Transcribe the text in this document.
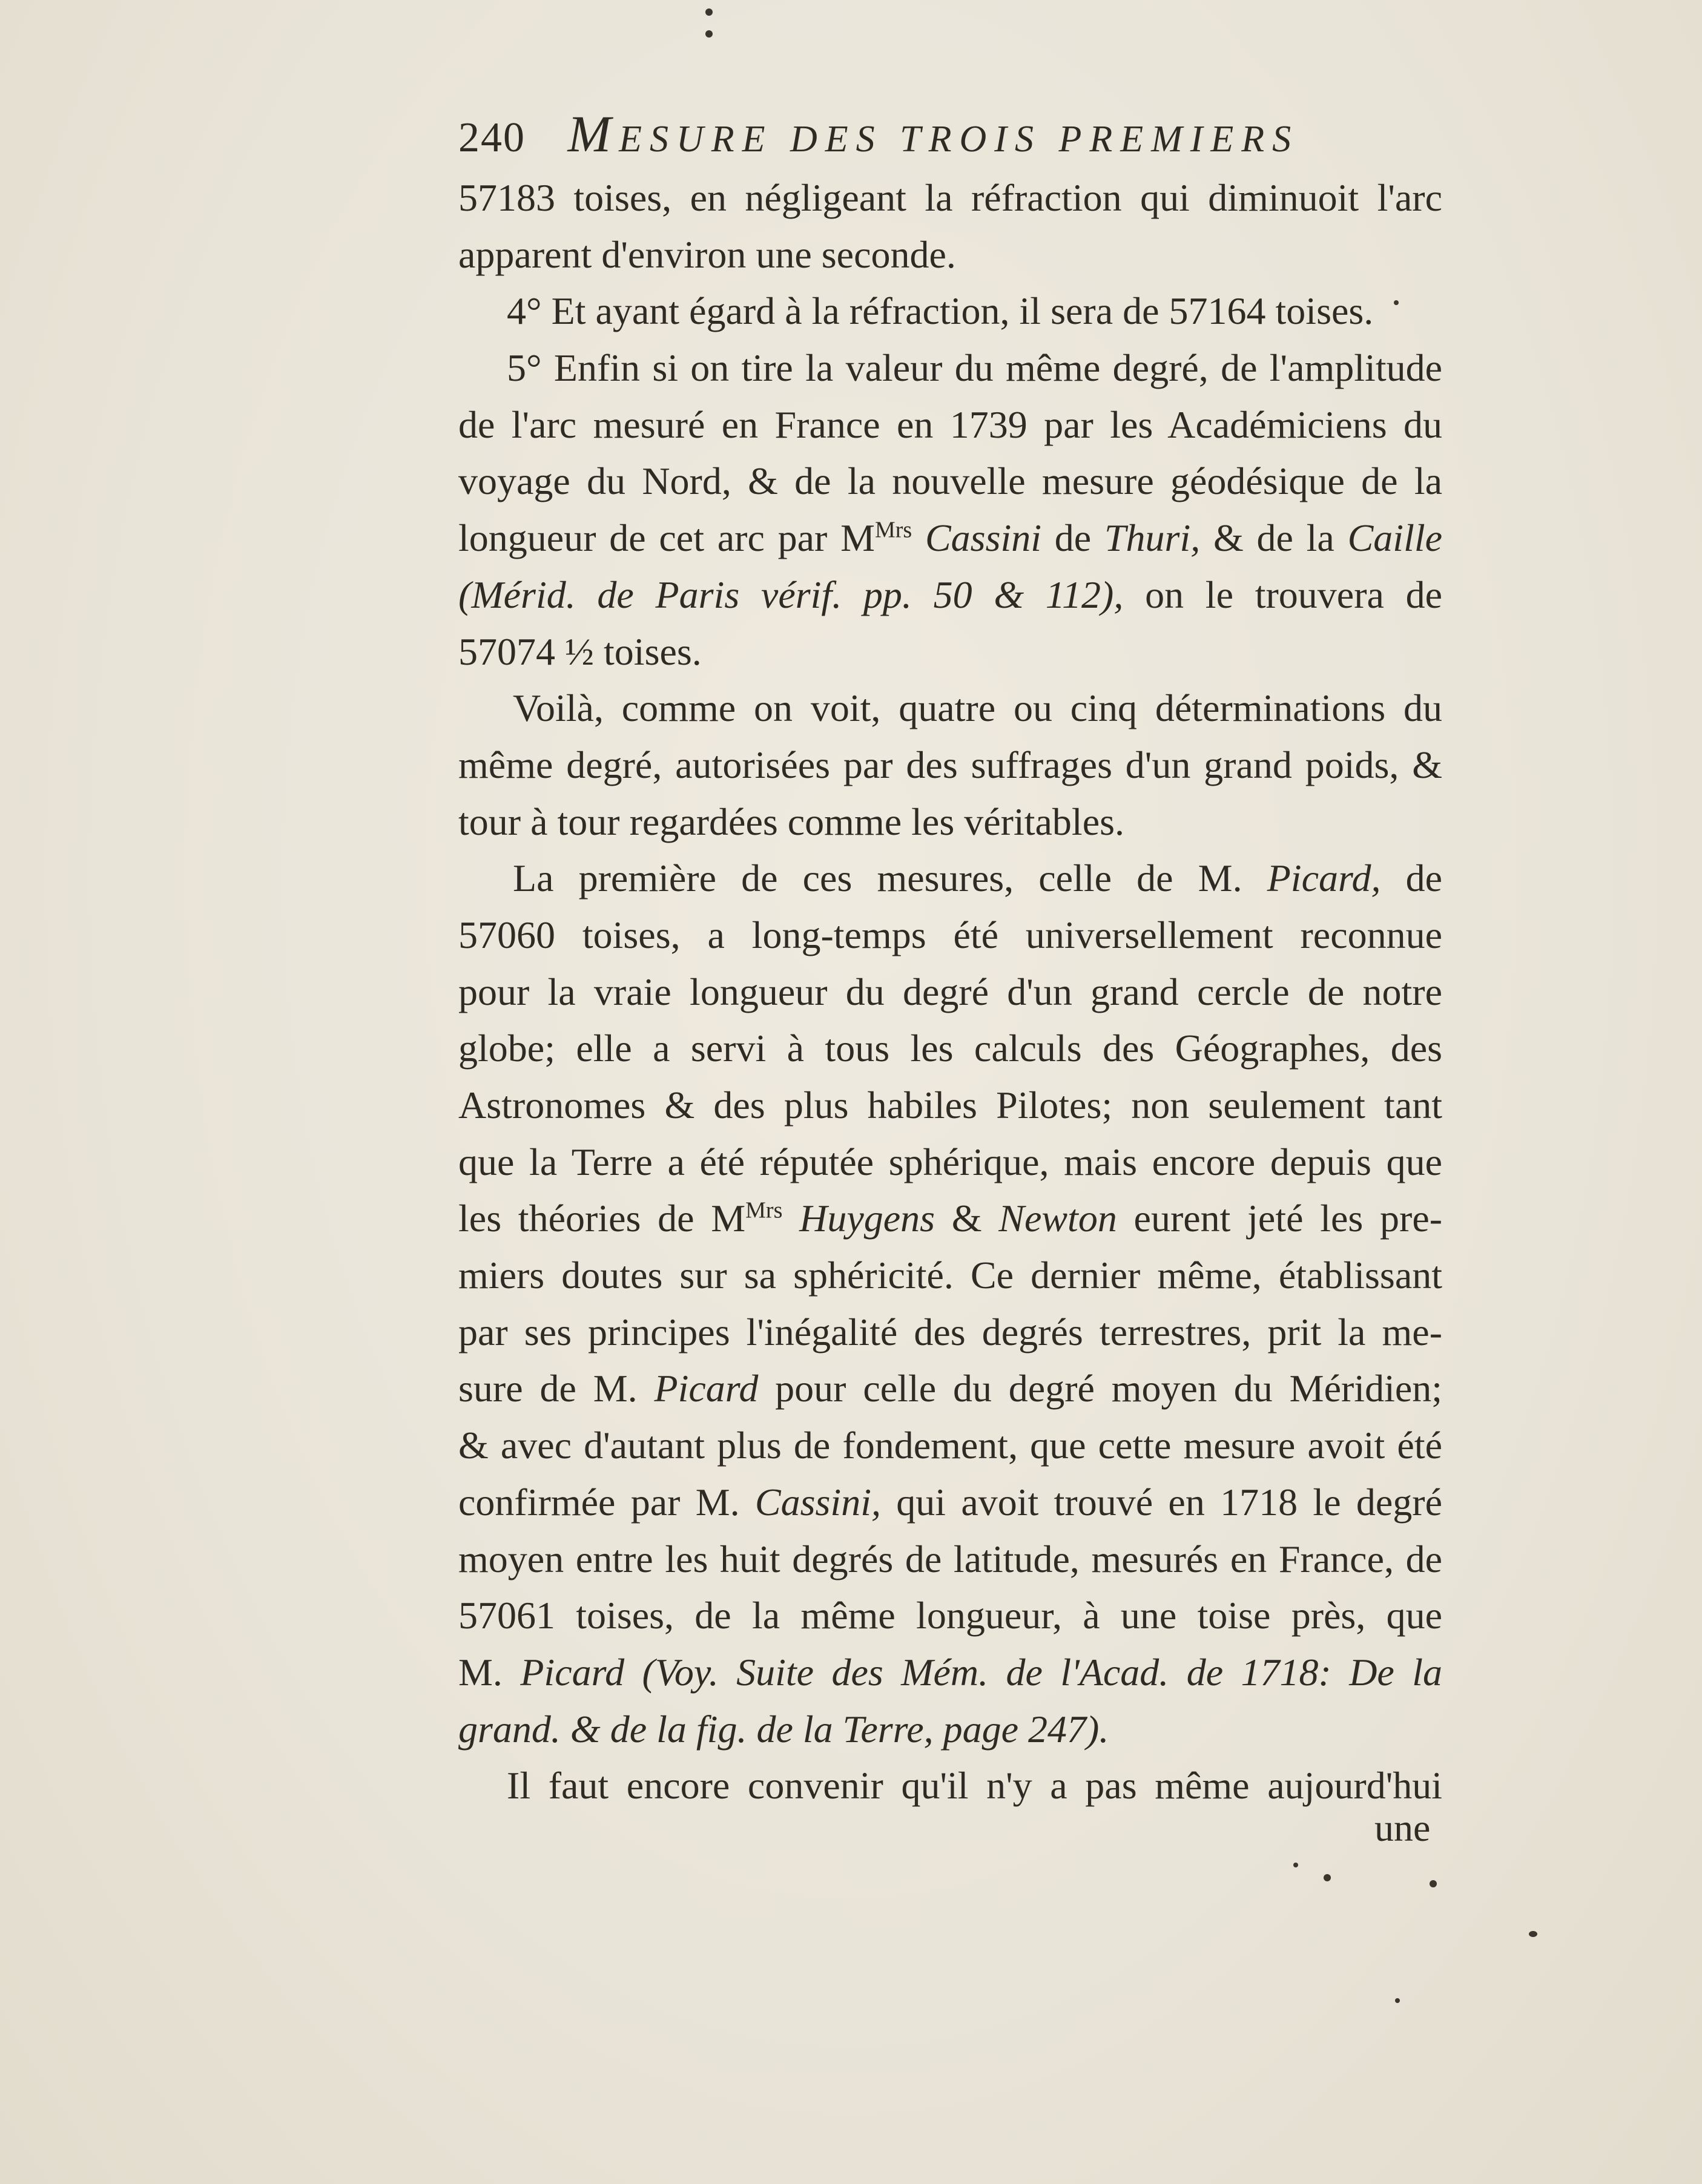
240 MESURE DES TROIS PREMIERS
57183 toises, en négligeant la réfraction qui diminuoit l'arc
apparent d'environ une seconde.
4° Et ayant égard à la réfraction, il sera de 57164 toises.
5° Enfin si on tire la valeur du même degré, de l'amplitude
de l'arc mesuré en France en 1739 par les Académiciens du
voyage du Nord, & de la nouvelle mesure géodésique de la
longueur de cet arc par $M^{Mrs}$ Cassini de Thuri, & de la Caille
(Mérid. de Paris vérif. pp. 50 & 112), on le trouvera de
57074 ½ toises.
Voilà, comme on voit, quatre ou cinq déterminations du
même degré, autorisées par des suffrages d'un grand poids, &
tour à tour regardées comme les véritables.
La première de ces mesures, celle de M. Picard, de
57060 toises, a long-temps été universellement reconnue
pour la vraie longueur du degré d'un grand cercle de notre
globe; elle a servi à tous les calculs des Géographes, des
Astronomes & des plus habiles Pilotes; non seulement tant
que la Terre a été réputée sphérique, mais encore depuis que
les théories de $M^{Mrs}$ Huygens & Newton eurent jeté les pre-
miers doutes sur sa sphéricité. Ce dernier même, établissant
par ses principes l'inégalité des degrés terrestres, prit la me-
sure de M. Picard pour celle du degré moyen du Méridien;
& avec d'autant plus de fondement, que cette mesure avoit été
confirmée par M. Cassini, qui avoit trouvé en 1718 le degré
moyen entre les huit degrés de latitude, mesurés en France, de
57061 toises, de la même longueur, à une toise près, que
M. Picard (Voy. Suite des Mém. de l'Acad. de 1718: De la
grand. & de la fig. de la Terre, page 247).
Il faut encore convenir qu'il n'y a pas même aujourd'hui
une
